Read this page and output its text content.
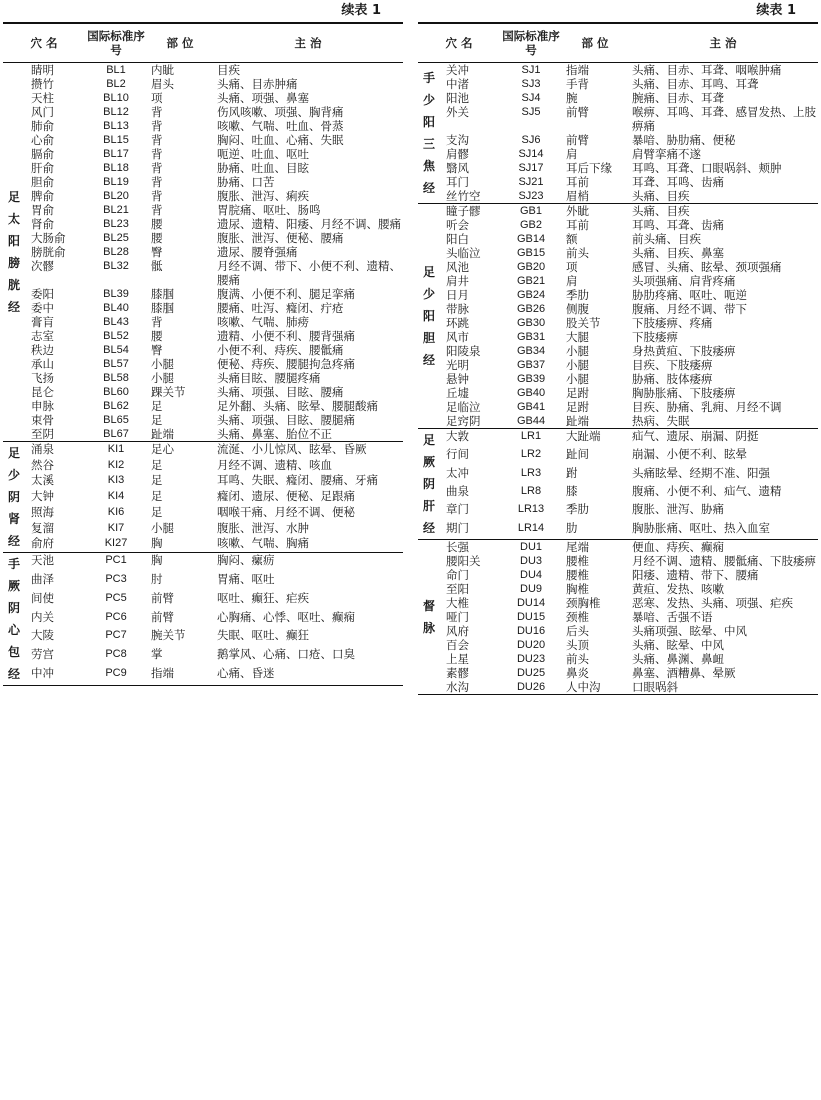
续表 1
穴 名		国际标准序号	部 位	主 治
足太阳膀胱经	睛明	BL1	内眦	目疾
	攒竹	BL2	眉头	头痛、目赤肿痛
	天柱	BL10	项	头痛、项强、鼻塞
	风门	BL12	背	伤风咳嗽、项强、胸背痛
	肺俞	BL13	背	咳嗽、气喘、吐血、骨蒸
	心俞	BL15	背	胸闷、吐血、心痛、失眠
	膈俞	BL17	背	呃逆、吐血、呕吐
	肝俞	BL18	背	胁痛、吐血、目眩
	胆俞	BL19	背	胁痛、口苦
	脾俞	BL20	背	腹胀、泄泻、痢疾
	胃俞	BL21	背	胃脘痛、呕吐、肠鸣
	肾俞	BL23	腰	遗尿、遗精、阳痿、月经不调、腰痛
	大肠俞	BL25	腰	腹胀、泄泻、便秘、腰痛
	膀胱俞	BL28	臀	遗尿、腰脊强痛
	次髎	BL32	骶	月经不调、带下、小便不利、遗精、腰痛
	委阳	BL39	膝腘	腹满、小便不利、腿足挛痛
	委中	BL40	膝腘	腰痛、吐泻、癃闭、疔疮
	膏肓	BL43	背	咳嗽、气喘、肺痨
	志室	BL52	腰	遗精、小便不利、腰背强痛
	秩边	BL54	臀	小便不利、痔疾、腰骶痛
	承山	BL57	小腿	便秘、痔疾、腰腿拘急疼痛
	飞扬	BL58	小腿	头痛目眩、腰腿疼痛
	昆仑	BL60	踝关节	头痛、项强、目眩、腰痛
	申脉	BL62	足	足外翻、头痛、眩晕、腰腿酸痛
	束骨	BL65	足	头痛、项强、目眩、腰腿痛
	至阴	BL67	趾端	头痛、鼻塞、胎位不正
足少阴肾经	涌泉	KI1	足心	流涎、小儿惊风、眩晕、昏厥
	然谷	KI2	足	月经不调、遗精、咳血
	太溪	KI3	足	耳鸣、失眠、癃闭、腰痛、牙痛
	大钟	KI4	足	癃闭、遗尿、便秘、足跟痛
	照海	KI6	足	咽喉干痛、月经不调、便秘
	复溜	KI7	小腿	腹胀、泄泻、水肿
	俞府	KI27	胸	咳嗽、气喘、胸痛
手厥阴心包经	天池	PC1	胸	胸闷、瘰疬
	曲泽	PC3	肘	胃痛、呕吐
	间使	PC5	前臂	呕吐、癫狂、疟疾
	内关	PC6	前臂	心胸痛、心悸、呕吐、癫痫
	大陵	PC7	腕关节	失眠、呕吐、癫狂
	劳宫	PC8	掌	鹅掌风、心痛、口疮、口臭
	中冲	PC9	指端	心痛、昏迷

续表 1
穴 名		国际标准序号	部 位	主 治
手少阳三焦经	关冲	SJ1	指端	头痛、目赤、耳聋、咽喉肿痛
	中渚	SJ3	手背	头痛、目赤、耳鸣、耳聋
	阳池	SJ4	腕	腕痛、目赤、耳聋
	外关	SJ5	前臂	喉痹、耳鸣、耳聋、感冒发热、上肢痹痛
	支沟	SJ6	前臂	暴喑、胁肋痛、便秘
	肩髎	SJ14	肩	肩臂挛痛不遂
	翳风	SJ17	耳后下缘	耳鸣、耳聋、口眼㖞斜、颊肿
	耳门	SJ21	耳前	耳聋、耳鸣、齿痛
	丝竹空	SJ23	眉梢	头痛、目疾
足少阳胆经	瞳子髎	GB1	外眦	头痛、目疾
	听会	GB2	耳前	耳鸣、耳聋、齿痛
	阳白	GB14	额	前头痛、目疾
	头临泣	GB15	前头	头痛、目疾、鼻塞
	风池	GB20	项	感冒、头痛、眩晕、颈项强痛
	肩井	GB21	肩	头项强痛、肩背疼痛
	日月	GB24	季肋	胁肋疼痛、呕吐、呃逆
	带脉	GB26	侧腹	腹痛、月经不调、带下
	环跳	GB30	股关节	下肢痿痹、疼痛
	风市	GB31	大腿	下肢痿痹
	阳陵泉	GB34	小腿	身热黄疸、下肢痿痹
	光明	GB37	小腿	目疾、下肢痿痹
	悬钟	GB39	小腿	胁痛、肢体痿痹
	丘墟	GB40	足跗	胸胁胀痛、下肢痿痹
	足临泣	GB41	足跗	目疾、胁痛、乳痈、月经不调
	足窍阴	GB44	趾端	热病、失眠
足厥阴肝经	大敦	LR1	大趾端	疝气、遗尿、崩漏、阴挺
	行间	LR2	趾间	崩漏、小便不利、眩晕
	太冲	LR3	跗	头痛眩晕、经期不准、阳强
	曲泉	LR8	膝	腹痛、小便不利、疝气、遗精
	章门	LR13	季肋	腹胀、泄泻、胁痛
	期门	LR14	肋	胸胁胀痛、呕吐、热入血室
督脉	长强	DU1	尾端	便血、痔疾、癫痫
	腰阳关	DU3	腰椎	月经不调、遗精、腰骶痛、下肢痿痹
	命门	DU4	腰椎	阳痿、遗精、带下、腰痛
	至阳	DU9	胸椎	黄疸、发热、咳嗽
	大椎	DU14	颈胸椎	恶寒、发热、头痛、项强、疟疾
	哑门	DU15	颈椎	暴喑、舌强不语
	风府	DU16	后头	头痛项强、眩晕、中风
	百会	DU20	头顶	头痛、眩晕、中风
	上星	DU23	前头	头痛、鼻渊、鼻衄
	素髎	DU25	鼻炎	鼻塞、酒糟鼻、晕厥
	水沟	DU26	人中沟	口眼㖞斜
